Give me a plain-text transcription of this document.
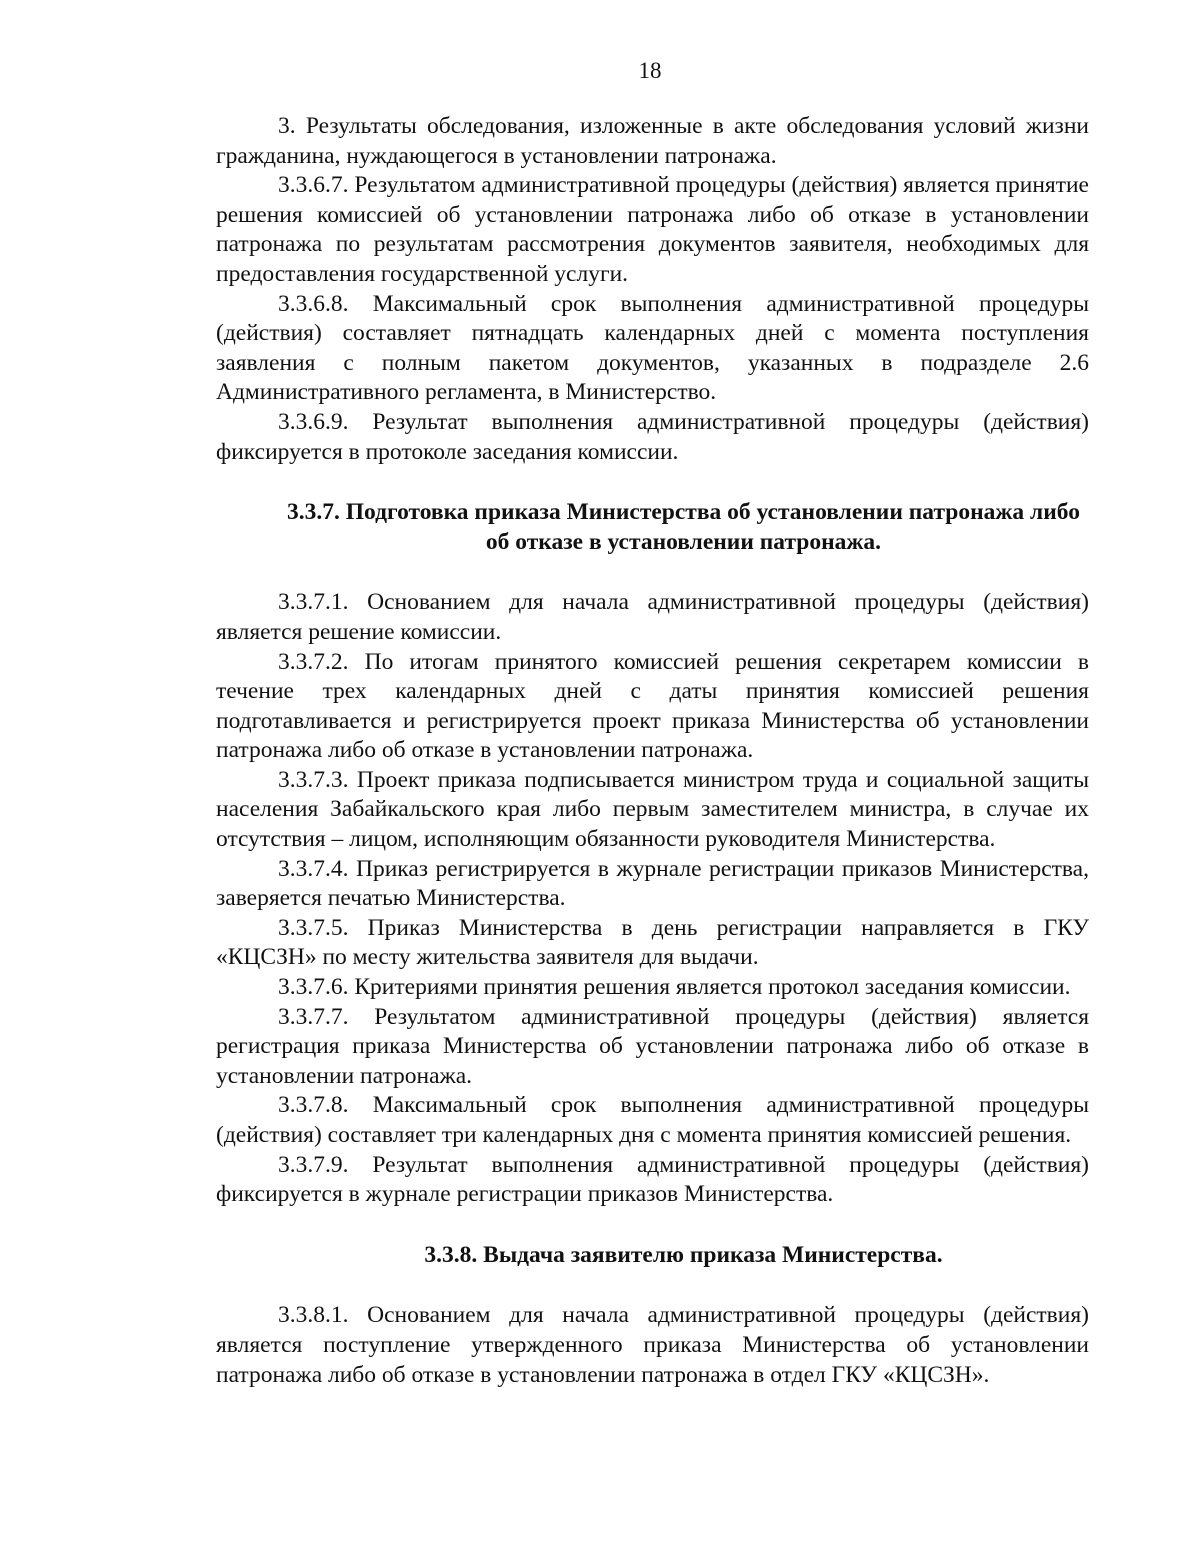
18

3. Результаты обследования, изложенные в акте обследования условий жизни гражданина, нуждающегося в установлении патронажа.

3.3.6.7. Результатом административной процедуры (действия) является принятие решения комиссией об установлении патронажа либо об отказе в установлении патронажа по результатам рассмотрения документов заявителя, необходимых для предоставления государственной услуги.

3.3.6.8. Максимальный срок выполнения административной процедуры (действия) составляет пятнадцать календарных дней с момента поступления заявления с полным пакетом документов, указанных в подразделе 2.6 Административного регламента, в Министерство.

3.3.6.9. Результат выполнения административной процедуры (действия) фиксируется в протоколе заседания комиссии.

3.3.7. Подготовка приказа Министерства об установлении патронажа либо об отказе в установлении патронажа.

3.3.7.1. Основанием для начала административной процедуры (действия) является решение комиссии.

3.3.7.2. По итогам принятого комиссией решения секретарем комиссии в течение трех календарных дней с даты принятия комиссией решения подготавливается и регистрируется проект приказа Министерства об установлении патронажа либо об отказе в установлении патронажа.

3.3.7.3. Проект приказа подписывается министром труда и социальной защиты населения Забайкальского края либо первым заместителем министра, в случае их отсутствия – лицом, исполняющим обязанности руководителя Министерства.

3.3.7.4. Приказ регистрируется в журнале регистрации приказов Министерства, заверяется печатью Министерства.

3.3.7.5. Приказ Министерства в день регистрации направляется в ГКУ «КЦСЗН» по месту жительства заявителя для выдачи.

3.3.7.6. Критериями принятия решения является протокол заседания комиссии.

3.3.7.7. Результатом административной процедуры (действия) является регистрация приказа Министерства об установлении патронажа либо об отказе в установлении патронажа.

3.3.7.8. Максимальный срок выполнения административной процедуры (действия) составляет три календарных дня с момента принятия комиссией решения.

3.3.7.9. Результат выполнения административной процедуры (действия) фиксируется в журнале регистрации приказов Министерства.

3.3.8. Выдача заявителю приказа Министерства.

3.3.8.1. Основанием для начала административной процедуры (действия) является поступление утвержденного приказа Министерства об установлении патронажа либо об отказе в установлении патронажа в отдел ГКУ «КЦСЗН».
